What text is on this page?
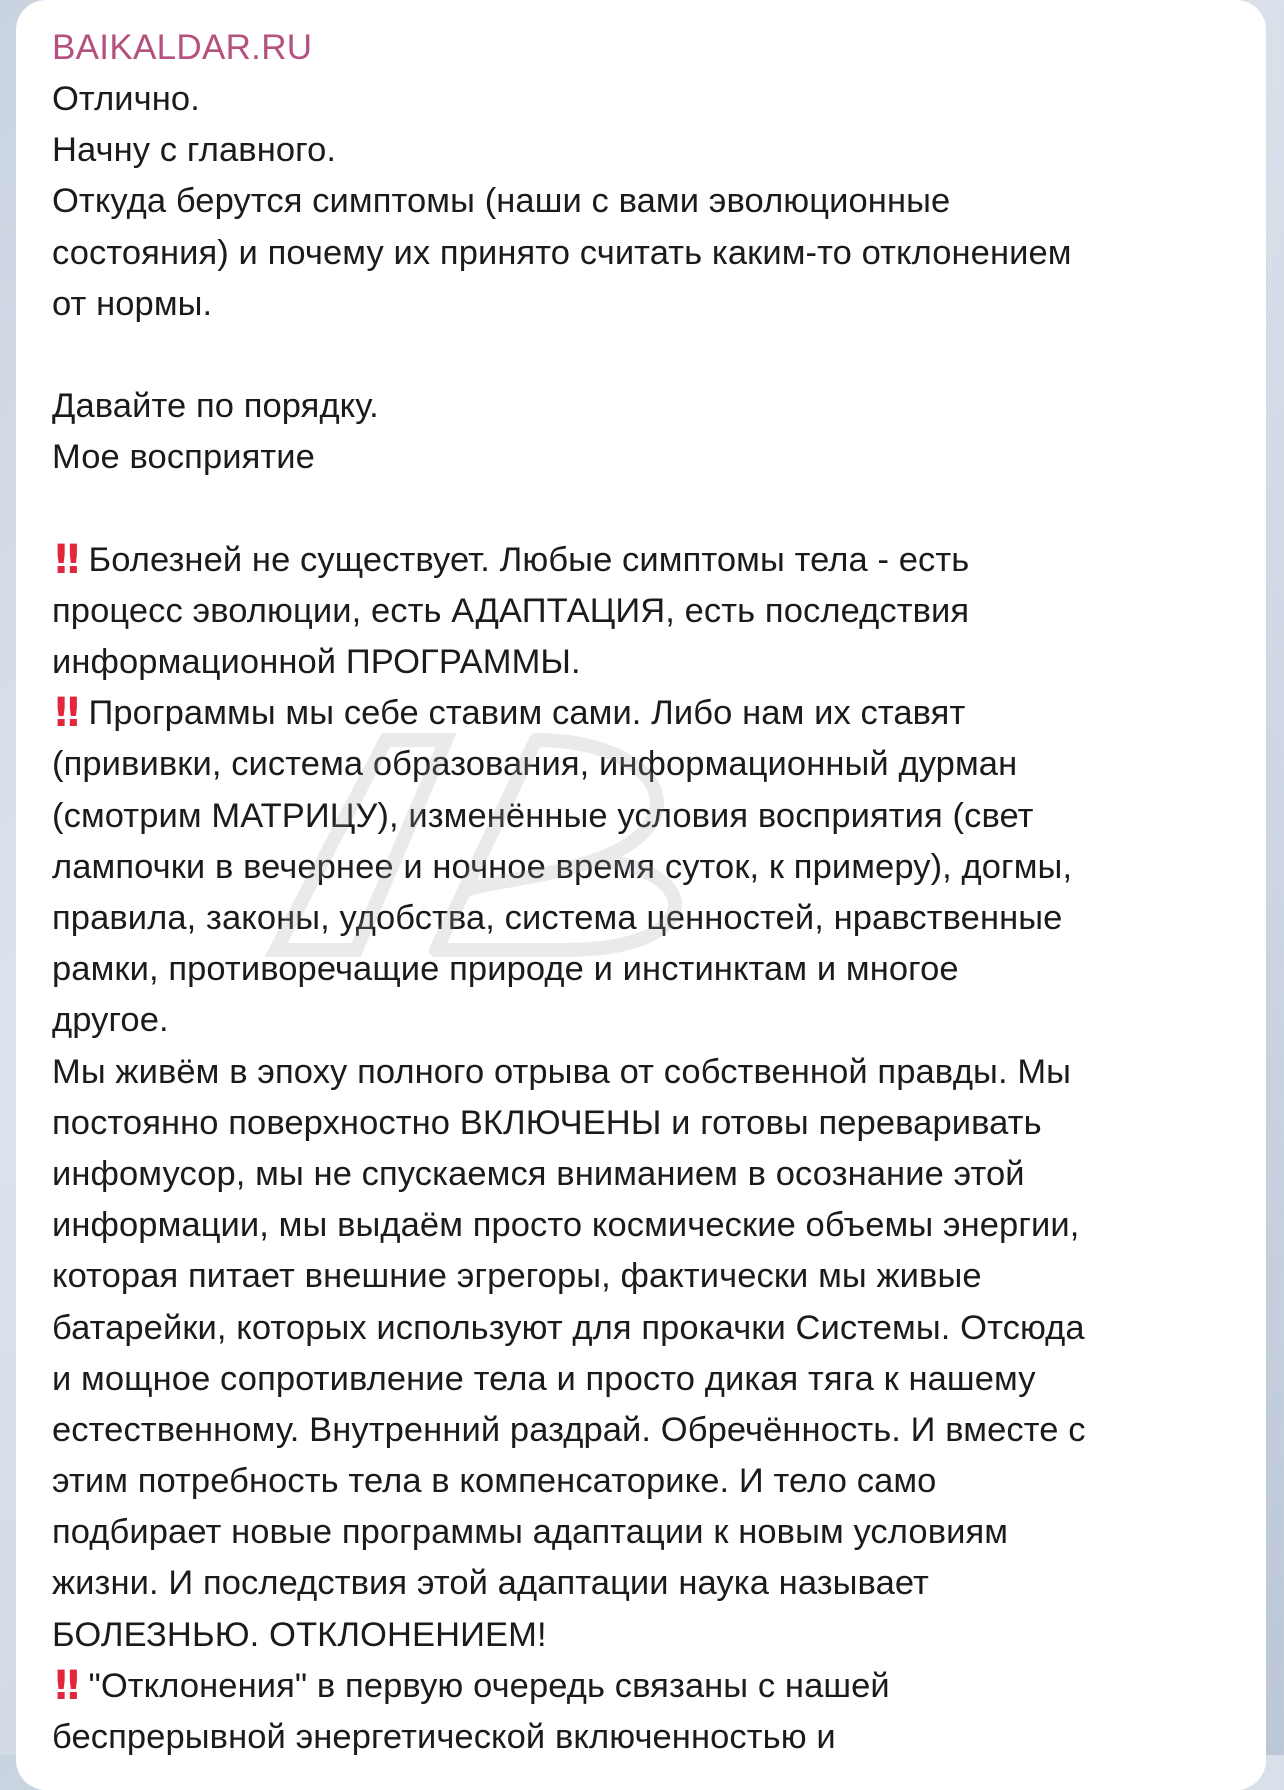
BAIKALDAR.RU
Отлично.
Начну с главного.
Откуда берутся симптомы (наши с вами эволюционные
состояния) и почему их принято считать каким-то отклонением
от нормы.
Давайте по порядку.
Мое восприятие
!! Болезней не существует. Любые симптомы тела - есть
процесс эволюции, есть АДАПТАЦИЯ, есть последствия
информационной ПРОГРАММЫ.
!! Программы мы себе ставим сами. Либо нам их ставят
(прививки, система образования, информационный дурман
(смотрим МАТРИЦУ), изменённые условия восприятия (свет
лампочки в вечернее и ночное время суток, к примеру), догмы,
правила, законы, удобства, система ценностей, нравственные
рамки, противоречащие природе и инстинктам и многое
другое.
Мы живём в эпоху полного отрыва от собственной правды. Мы
постоянно поверхностно ВКЛЮЧЕНЫ и готовы переваривать
инфомусор, мы не спускаемся вниманием в осознание этой
информации, мы выдаём просто космические объемы энергии,
которая питает внешние эгрегоры, фактически мы живые
батарейки, которых используют для прокачки Системы. Отсюда
и мощное сопротивление тела и просто дикая тяга к нашему
естественному. Внутренний раздрай. Обречённость. И вместе с
этим потребность тела в компенсаторике. И тело само
подбирает новые программы адаптации к новым условиям
жизни. И последствия этой адаптации наука называет
БОЛЕЗНЬЮ. ОТКЛОНЕНИЕМ!
!! "Отклонения" в первую очередь связаны с нашей
беспрерывной энергетической включенностью и
